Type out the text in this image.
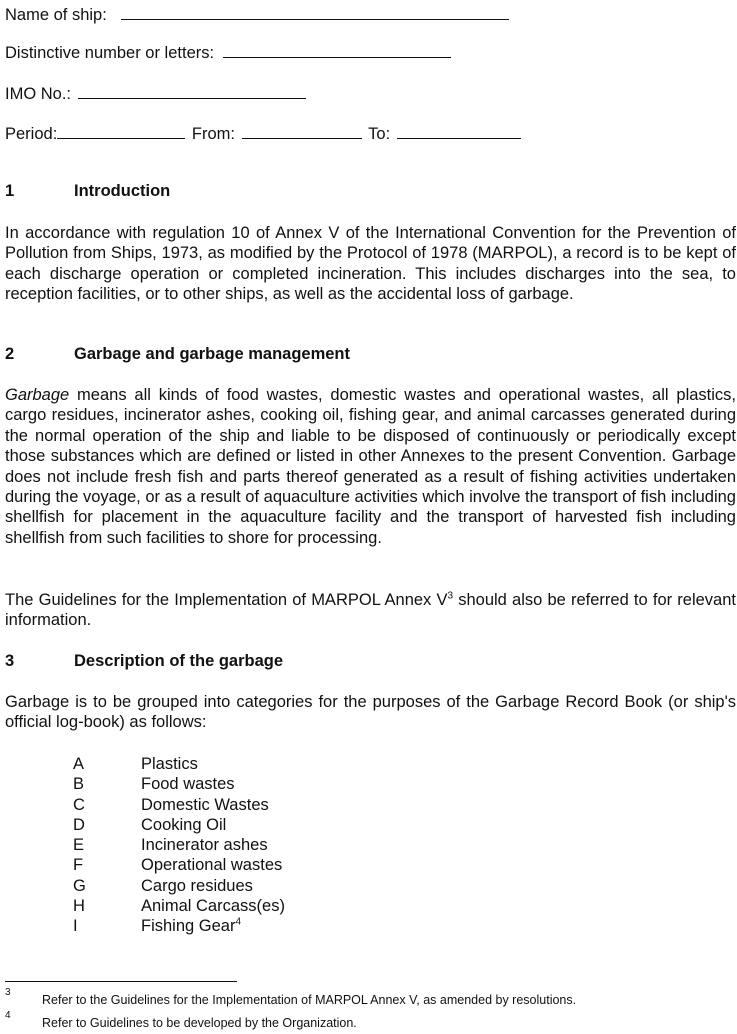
Name of ship:
Distinctive number or letters:
IMO No.:
Period:	From:	To:
1	Introduction
In accordance with regulation 10 of Annex V of the International Convention for the Prevention of Pollution from Ships, 1973, as modified by the Protocol of 1978 (MARPOL), a record is to be kept of each discharge operation or completed incineration. This includes discharges into the sea, to reception facilities, or to other ships, as well as the accidental loss of garbage.
2	Garbage and garbage management
Garbage means all kinds of food wastes, domestic wastes and operational wastes, all plastics, cargo residues, incinerator ashes, cooking oil, fishing gear, and animal carcasses generated during the normal operation of the ship and liable to be disposed of continuously or periodically except those substances which are defined or listed in other Annexes to the present Convention. Garbage does not include fresh fish and parts thereof generated as a result of fishing activities undertaken during the voyage, or as a result of aquaculture activities which involve the transport of fish including shellfish for placement in the aquaculture facility and the transport of harvested fish including shellfish from such facilities to shore for processing.
The Guidelines for the Implementation of MARPOL Annex $V^3$ should also be referred to for relevant information.
3	Description of the garbage
Garbage is to be grouped into categories for the purposes of the Garbage Record Book (or ship's official log-book) as follows:
A	Plastics
B	Food wastes
C	Domestic Wastes
D	Cooking Oil
E	Incinerator ashes
F	Operational wastes
G	Cargo residues
H	Animal Carcass(es)
I	Fishing Gear$^4$
3
Refer to the Guidelines for the Implementation of MARPOL Annex V, as amended by resolutions.
4
Refer to Guidelines to be developed by the Organization.
